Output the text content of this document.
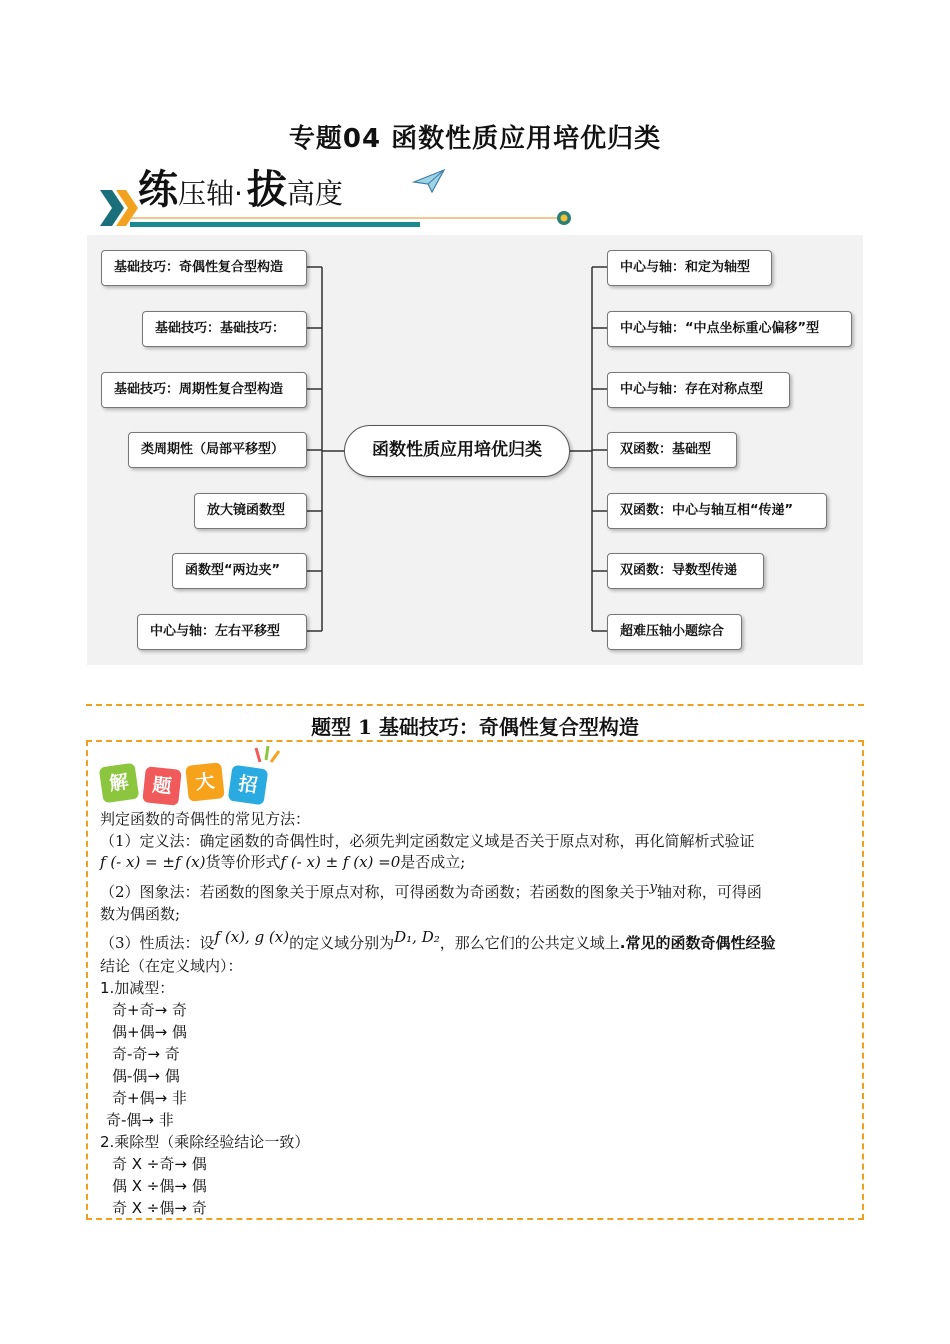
专题04 函数性质应用培优归类
练压轴· 拔高度
函数性质应用培优归类
基础技巧：奇偶性复合型构造
基础技巧：基础技巧：
基础技巧：周期性复合型构造
类周期性（局部平移型）
放大镜函数型
函数型“两边夹”
中心与轴：左右平移型
中心与轴：和定为轴型
中心与轴：“中点坐标重心偏移”型
中心与轴：存在对称点型
双函数：基础型
双函数：中心与轴互相“传递”
双函数：导数型传递
超难压轴小题综合
题型 1 基础技巧：奇偶性复合型构造
解	题	大	招
判定函数的奇偶性的常见方法：
（1）定义法：确定函数的奇偶性时，必须先判定函数定义域是否关于原点对称，再化简解析式验证
f (- x) = ±f (x)货等价形式f (- x) ± f (x) =0是否成立;
（2）图象法：若函数的图象关于原点对称，可得函数为奇函数；若函数的图象关于y轴对称，可得函
数为偶函数;
（3）性质法：设f (x), g (x)的定义域分别为D₁, D₂，那么它们的公共定义域上.常见的函数奇偶性经验
结论（在定义域内）：
1.加减型：
奇+奇→ 奇
偶+偶→ 偶
奇-奇→ 奇
偶-偶→ 偶
奇+偶→ 非
奇-偶→ 非
2.乘除型（乘除经验结论一致）
奇 X ÷奇→ 偶
偶 X ÷偶→ 偶
奇 X ÷偶→ 奇
